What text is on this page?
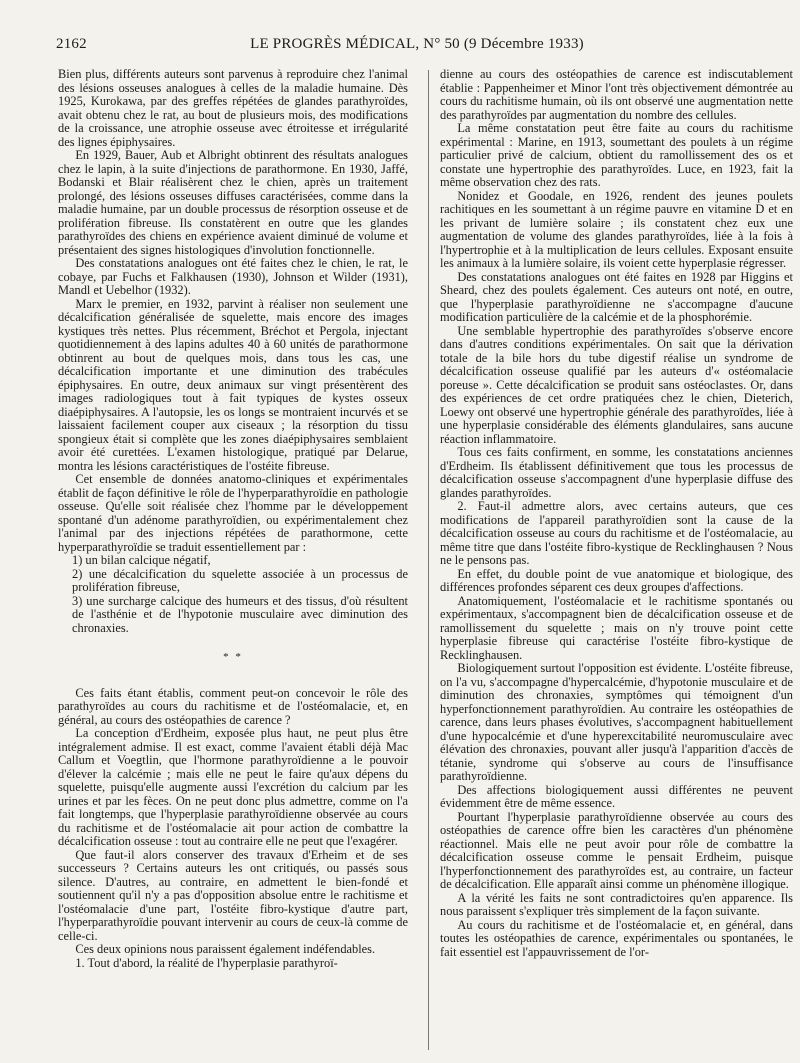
2162	LE PROGRÈS MÉDICAL, N° 50 (9 Décembre 1933)

Bien plus, différents auteurs sont parvenus à reproduire chez l'animal des lésions osseuses analogues à celles de la maladie humaine. Dès 1925, Kurokawa, par des greffes répétées de glandes parathyroïdes, avait obtenu chez le rat, au bout de plusieurs mois, des modifications de la croissance, une atrophie osseuse avec étroitesse et irrégularité des lignes épiphysaires.

En 1929, Bauer, Aub et Albright obtinrent des résultats analogues chez le lapin, à la suite d'injections de parathormone. En 1930, Jaffé, Bodanski et Blair réalisèrent chez le chien, après un traitement prolongé, des lésions osseuses diffuses caractérisées, comme dans la maladie humaine, par un double processus de résorption osseuse et de prolifération fibreuse. Ils constatèrent en outre que les glandes parathyroïdes des chiens en expérience avaient diminué de volume et présentaient des signes histologiques d'involution fonctionnelle.

Des constatations analogues ont été faites chez le chien, le rat, le cobaye, par Fuchs et Falkhausen (1930), Johnson et Wilder (1931), Mandl et Uebelhor (1932).

Marx le premier, en 1932, parvint à réaliser non seulement une décalcification généralisée de squelette, mais encore des images kystiques très nettes. Plus récemment, Bréchot et Pergola, injectant quotidiennement à des lapins adultes 40 à 60 unités de parathormone obtinrent au bout de quelques mois, dans tous les cas, une décalcification importante et une diminution des trabécules épiphysaires. En outre, deux animaux sur vingt présentèrent des images radiologiques tout à fait typiques de kystes osseux diaépiphysaires. A l'autopsie, les os longs se montraient incurvés et se laissaient facilement couper aux ciseaux ; la résorption du tissu spongieux était si complète que les zones diaépiphysaires semblaient avoir été curettées. L'examen histologique, pratiqué par Delarue, montra les lésions caractéristiques de l'ostéite fibreuse.

Cet ensemble de données anatomo-cliniques et expérimentales établit de façon définitive le rôle de l'hyperparathyroïdie en pathologie osseuse. Qu'elle soit réalisée chez l'homme par le développement spontané d'un adénome parathyroïdien, ou expérimentalement chez l'animal par des injections répétées de parathormone, cette hyperparathyroïdie se traduit essentiellement par :

1) un bilan calcique négatif,

2) une décalcification du squelette associée à un processus de prolifération fibreuse,

3) une surcharge calcique des humeurs et des tissus, d'où résultent de l'asthénie et de l'hypotonie musculaire avec diminution des chronaxies.

* *

Ces faits étant établis, comment peut-on concevoir le rôle des parathyroïdes au cours du rachitisme et de l'ostéomalacie, et, en général, au cours des ostéopathies de carence ?

La conception d'Erdheim, exposée plus haut, ne peut plus être intégralement admise. Il est exact, comme l'avaient établi déjà Mac Callum et Voegtlin, que l'hormone parathyroïdienne a le pouvoir d'élever la calcémie ; mais elle ne peut le faire qu'aux dépens du squelette, puisqu'elle augmente aussi l'excrétion du calcium par les urines et par les fèces. On ne peut donc plus admettre, comme on l'a fait longtemps, que l'hyperplasie parathyroïdienne observée au cours du rachitisme et de l'ostéomalacie ait pour action de combattre la décalcification osseuse : tout au contraire elle ne peut que l'exagérer.

Que faut-il alors conserver des travaux d'Erheim et de ses successeurs ? Certains auteurs les ont critiqués, ou passés sous silence. D'autres, au contraire, en admettent le bien-fondé et soutiennent qu'il n'y a pas d'opposition absolue entre le rachitisme et l'ostéomalacie d'une part, l'ostéite fibro-kystique d'autre part, l'hyperparathyroïdie pouvant intervenir au cours de ceux-là comme de celle-ci.

Ces deux opinions nous paraissent également indéfendables.

1. Tout d'abord, la réalité de l'hyperplasie parathyroï-

dienne au cours des ostéopathies de carence est indiscutablement établie : Pappenheimer et Minor l'ont très objectivement démontrée au cours du rachitisme humain, où ils ont observé une augmentation nette des parathyroïdes par augmentation du nombre des cellules.

La même constatation peut être faite au cours du rachitisme expérimental : Marine, en 1913, soumettant des poulets à un régime particulier privé de calcium, obtient du ramollissement des os et constate une hypertrophie des parathyroïdes. Luce, en 1923, fait la même observation chez des rats.

Nonidez et Goodale, en 1926, rendent des jeunes poulets rachitiques en les soumettant à un régime pauvre en vitamine D et en les privant de lumière solaire ; ils constatent chez eux une augmentation de volume des glandes parathyroïdes, liée à la fois à l'hypertrophie et à la multiplication de leurs cellules. Exposant ensuite les animaux à la lumière solaire, ils voient cette hyperplasie régresser.

Des constatations analogues ont été faites en 1928 par Higgins et Sheard, chez des poulets également. Ces auteurs ont noté, en outre, que l'hyperplasie parathyroïdienne ne s'accompagne d'aucune modification particulière de la calcémie et de la phosphorémie.

Une semblable hypertrophie des parathyroïdes s'observe encore dans d'autres conditions expérimentales. On sait que la dérivation totale de la bile hors du tube digestif réalise un syndrome de décalcification osseuse qualifié par les auteurs d'« ostéomalacie poreuse ». Cette décalcification se produit sans ostéoclastes. Or, dans des expériences de cet ordre pratiquées chez le chien, Dieterich, Loewy ont observé une hypertrophie générale des parathyroïdes, liée à une hyperplasie considérable des éléments glandulaires, sans aucune réaction inflammatoire.

Tous ces faits confirment, en somme, les constatations anciennes d'Erdheim. Ils établissent définitivement que tous les processus de décalcification osseuse s'accompagnent d'une hyperplasie diffuse des glandes parathyroïdes.

2. Faut-il admettre alors, avec certains auteurs, que ces modifications de l'appareil parathyroïdien sont la cause de la décalcification osseuse au cours du rachitisme et de l'ostéomalacie, au même titre que dans l'ostéite fibro-kystique de Recklinghausen ? Nous ne le pensons pas.

En effet, du double point de vue anatomique et biologique, des différences profondes séparent ces deux groupes d'affections.

Anatomiquement, l'ostéomalacie et le rachitisme spontanés ou expérimentaux, s'accompagnent bien de décalcification osseuse et de ramollissement du squelette ; mais on n'y trouve point cette hyperplasie fibreuse qui caractérise l'ostéite fibro-kystique de Recklinghausen.

Biologiquement surtout l'opposition est évidente. L'ostéite fibreuse, on l'a vu, s'accompagne d'hypercalcémie, d'hypotonie musculaire et de diminution des chronaxies, symptômes qui témoignent d'un hyperfonctionnement parathyroïdien. Au contraire les ostéopathies de carence, dans leurs phases évolutives, s'accompagnent habituellement d'une hypocalcémie et d'une hyperexcitabilité neuromusculaire avec élévation des chronaxies, pouvant aller jusqu'à l'apparition d'accès de tétanie, syndrome qui s'observe au cours de l'insuffisance parathyroïdienne.

Des affections biologiquement aussi différentes ne peuvent évidemment être de même essence.

Pourtant l'hyperplasie parathyroïdienne observée au cours des ostéopathies de carence offre bien les caractères d'un phénomène réactionnel. Mais elle ne peut avoir pour rôle de combattre la décalcification osseuse comme le pensait Erdheim, puisque l'hyperfonctionnement des parathyroïdes est, au contraire, un facteur de décalcification. Elle apparaît ainsi comme un phénomène illogique.

A la vérité les faits ne sont contradictoires qu'en apparence. Ils nous paraissent s'expliquer très simplement de la façon suivante.

Au cours du rachitisme et de l'ostéomalacie et, en général, dans toutes les ostéopathies de carence, expérimentales ou spontanées, le fait essentiel est l'appauvrissement de l'or-
